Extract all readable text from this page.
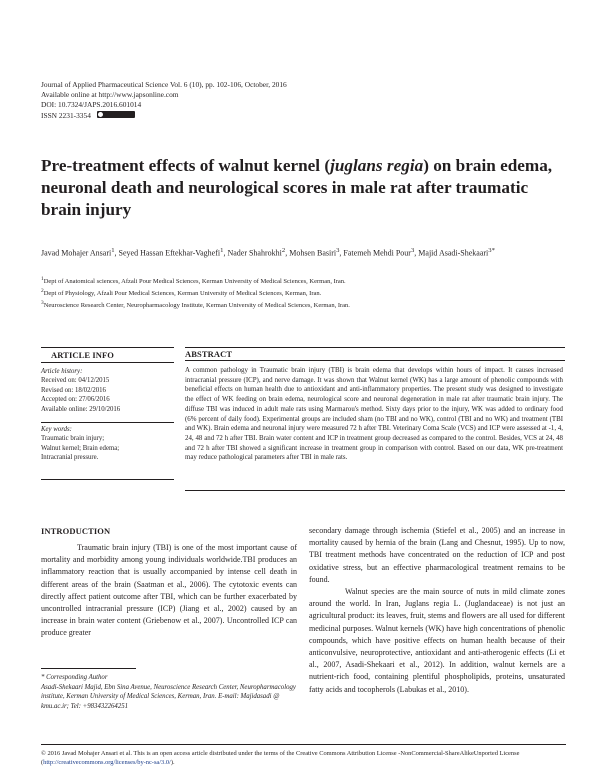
Journal of Applied Pharmaceutical Science Vol. 6 (10), pp. 102-106, October, 2016
Available online at http://www.japsonline.com
DOI: 10.7324/JAPS.2016.601014
ISSN 2231-3354
Pre-treatment effects of walnut kernel (juglans regia) on brain edema, neuronal death and neurological scores in male rat after traumatic brain injury
Javad Mohajer Ansari$^1$, Seyed Hassan Eftekhar-Vaghefi$^1$, Nader Shahrokhi$^2$, Mohsen Basiri$^3$, Fatemeh Mehdi Pour$^3$, Majid Asadi-Shekaari$^{3*}$
$^1$Dept of Anatomical sciences, Afzali Pour Medical Sciences, Kerman University of Medical Sciences, Kerman, Iran.
$^2$Dept of Physiology, Afzali Pour Medical Sciences, Kerman University of Medical Sciences, Kerman, Iran.
$^3$Neuroscience Research Center, Neuropharmacology Institute, Kerman University of Medical Sciences, Kerman, Iran.
ARTICLE INFO	ABSTRACT
Article history:
Received on: 04/12/2015
Revised on: 18/02/2016
Accepted on: 27/06/2016
Available online: 29/10/2016
Key words:
Traumatic brain injury;
Walnut kernel; Brain edema;
Intracranial pressure.
A common pathology in Traumatic brain injury (TBI) is brain edema that develops within hours of impact. It causes increased intracranial pressure (ICP), and nerve damage. It was shown that Walnut kernel (WK) has a large amount of phenolic compounds with beneficial effects on human health due to antioxidant and anti-inflammatory properties. The present study was designed to investigate the effect of WK feeding on brain edema, neurological score and neuronal degeneration in male rat after traumatic brain injury. The diffuse TBI was induced in adult male rats using Marmarou's method. Sixty days prior to the injury, WK was added to ordinary food (6% percent of daily food). Experimental groups are included sham (no TBI and no WK), control (TBI and no WK) and treatment (TBI and WK). Brain edema and neuronal injury were measured 72 h after TBI. Veterinary Coma Scale (VCS) and ICP were assessed at -1, 4, 24, 48 and 72 h after TBI. Brain water content and ICP in treatment group decreased as compared to the control. Besides, VCS at 24, 48 and 72 h after TBI showed a significant increase in treatment group in comparison with control. Based on our data, WK pre-treatment may reduce pathological parameters after TBI in male rats.
INTRODUCTION

Traumatic brain injury (TBI) is one of the most important cause of mortality and morbidity among young individuals worldwide.TBI produces an inflammatory reaction that is usually accompanied by intense cell death in different areas of the brain (Saatman et al., 2006). The cytotoxic events can directly affect patient outcome after TBI, which can be further exacerbated by uncontrolled intracranial pressure (ICP) (Jiang et al., 2002) caused by an increase in brain water content (Griebenow et al., 2007). Uncontrolled ICP can produce greater

secondary damage through ischemia (Stiefel et al., 2005) and an increase in mortality caused by hernia of the brain (Lang and Chesnut, 1995). Up to now, TBI treatment methods have concentrated on the reduction of ICP and post oxidative stress, but an effective pharmacological treatment remains to be found.

Walnut species are the main source of nuts in mild climate zones around the world. In Iran, Juglans regia L. (Juglandaceae) is not just an agricultural product: its leaves, fruit, stems and flowers are all used for different medicinal purposes. Walnut kernels (WK) have high concentrations of phenolic compounds, which have positive effects on human health because of their anticonvulsive, neuroprotective, antioxidant and anti-atherogenic effects (Li et al., 2007, Asadi-Shekaari et al., 2012). In addition, walnut kernels are a nutrient-rich food, containing plentiful phospholipids, proteins, unsaturated fatty acids and tocopherols (Labukas et al., 2010).

* Corresponding Author
Asadi-Shekaari Majid, Ebn Sina Avenue, Neuroscience Research Center, Neuropharmacology institute, Kerman University of Medical Sciences, Kerman, Iran. E-mail: Majidasadi @ kmu.ac.ir; Tel: +983432264251
© 2016 Javad Mohajer Ansari et al. This is an open access article distributed under the terms of the Creative Commons Attribution License -NonCommercial-ShareAlikeUnported License (http://creativecommons.org/licenses/by-nc-sa/3.0/).
